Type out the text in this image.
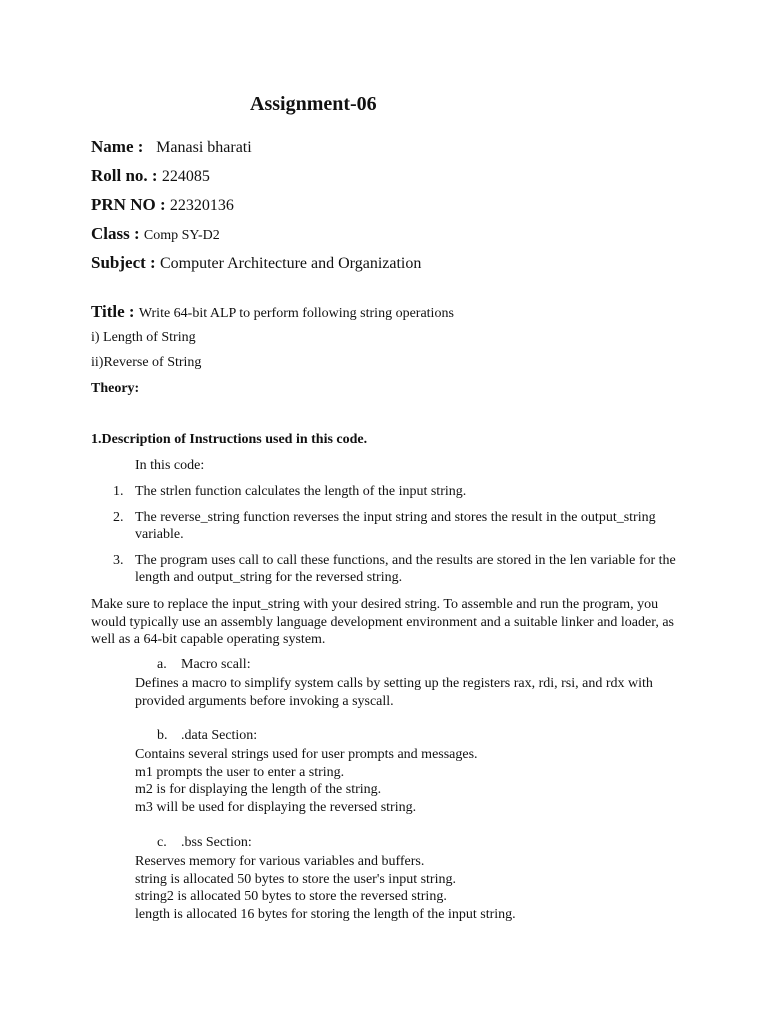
Assignment-06
Name : Manasi bharati
Roll no. : 224085
PRN NO : 22320136
Class : Comp SY-D2
Subject : Computer Architecture and Organization
Title : Write 64-bit ALP to perform following string operations
i) Length of String
ii)Reverse of String
Theory:
1.Description of Instructions used in this code.
In this code:
1. The strlen function calculates the length of the input string.
2. The reverse_string function reverses the input string and stores the result in the output_string variable.
3. The program uses call to call these functions, and the results are stored in the len variable for the length and output_string for the reversed string.
Make sure to replace the input_string with your desired string. To assemble and run the program, you would typically use an assembly language development environment and a suitable linker and loader, as well as a 64-bit capable operating system.
a. Macro scall:
Defines a macro to simplify system calls by setting up the registers rax, rdi, rsi, and rdx with provided arguments before invoking a syscall.
b. .data Section:
Contains several strings used for user prompts and messages.
m1 prompts the user to enter a string.
m2 is for displaying the length of the string.
m3 will be used for displaying the reversed string.
c. .bss Section:
Reserves memory for various variables and buffers.
string is allocated 50 bytes to store the user's input string.
string2 is allocated 50 bytes to store the reversed string.
length is allocated 16 bytes for storing the length of the input string.
